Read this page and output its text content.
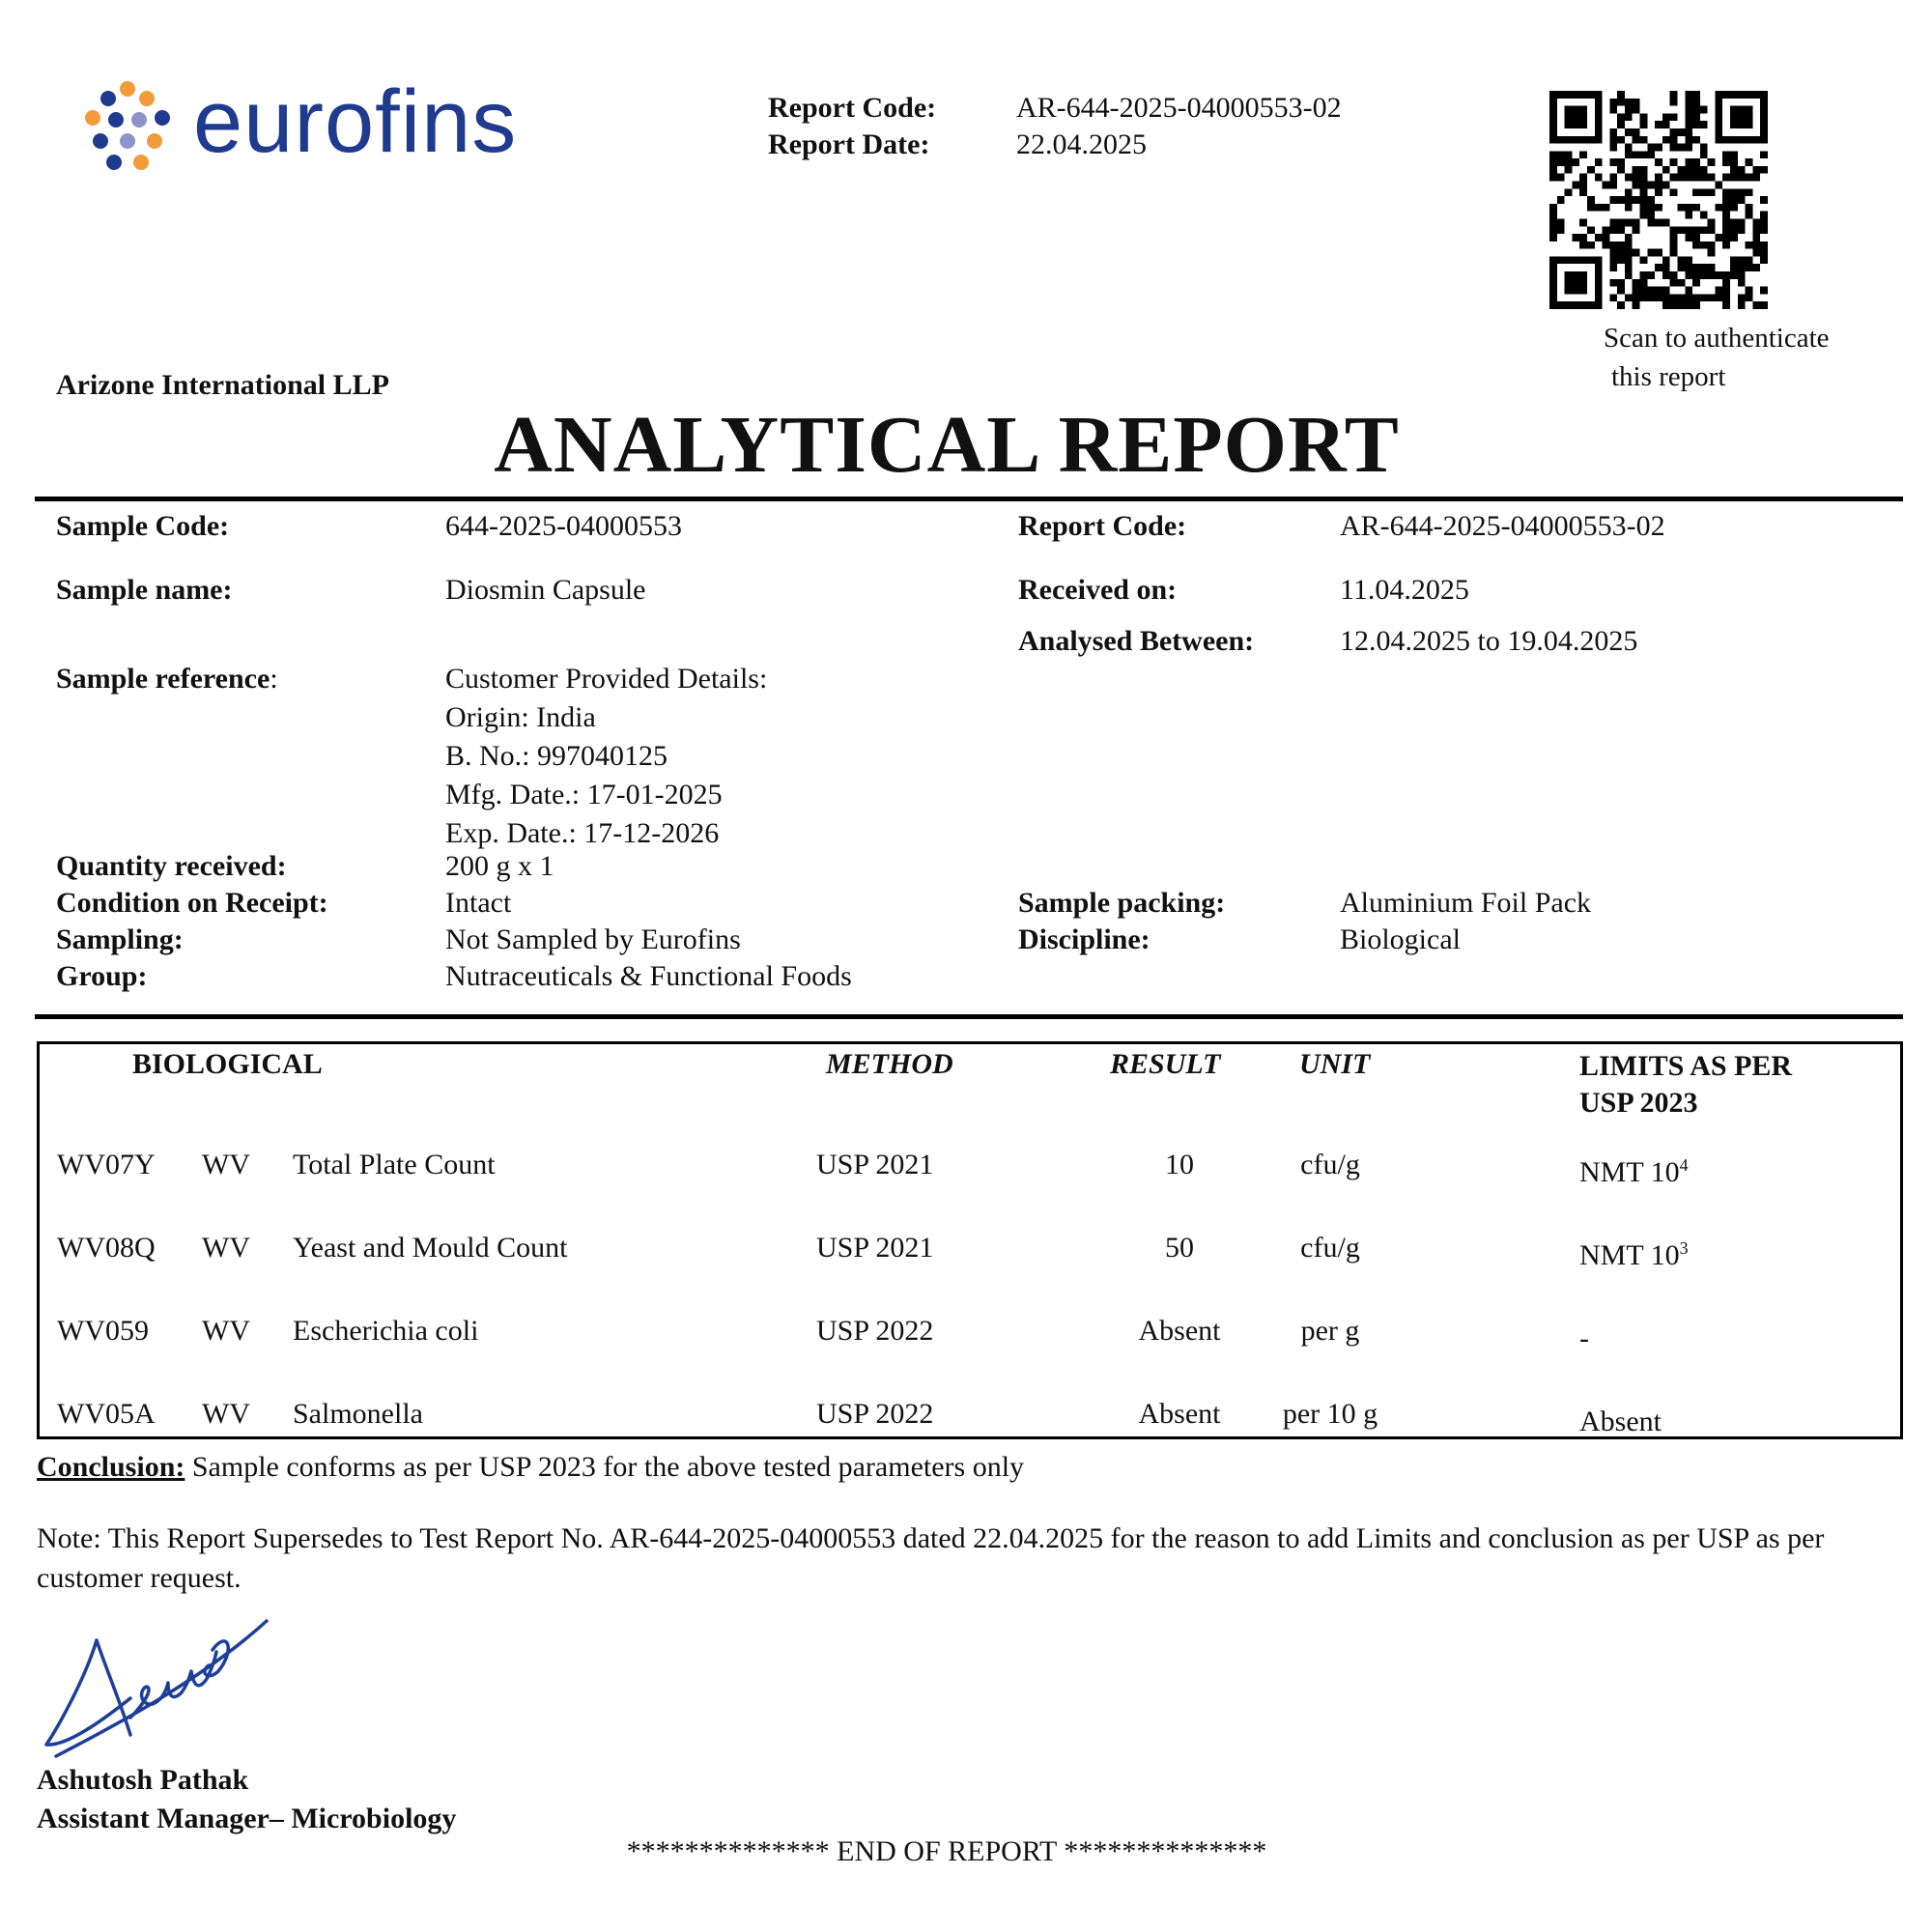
eurofins	Report Code:	AR-644-2025-04000553-02
Report Date:	22.04.2025
Scan to authenticate
this report
Arizone International LLP
ANALYTICAL REPORT
Sample Code:	644-2025-04000553
Sample name:	Diosmin Capsule
Sample reference:	Customer Provided Details:
Origin: India
B. No.: 997040125
Mfg. Date.: 17-01-2025
Exp. Date.: 17-12-2026
Quantity received:	200 g x 1
Condition on Receipt:	Intact
Sampling:	Not Sampled by Eurofins
Group:	Nutraceuticals & Functional Foods
Report Code:	AR-644-2025-04000553-02
Received on:	11.04.2025
Analysed Between:	12.04.2025 to 19.04.2025
Sample packing:	Aluminium Foil Pack
Discipline:	Biological
BIOLOGICAL	METHOD	RESULT	UNIT	LIMITS AS PER
USP 2023
WV07Y WV Total Plate Count	USP 2021	10	cfu/g	NMT $10^4$
WV08Q WV Yeast and Mould Count	USP 2021	50	cfu/g	NMT $10^3$
WV059 WV Escherichia coli	USP 2022	Absent	per g	-
WV05A WV Salmonella	USP 2022	Absent	per 10 g	Absent
Conclusion: Sample conforms as per USP 2023 for the above tested parameters only
Note: This Report Supersedes to Test Report No. AR-644-2025-04000553 dated 22.04.2025 for the reason to add Limits and conclusion as per USP as per customer request.
Ashutosh Pathak
Assistant Manager– Microbiology
************** END OF REPORT **************
